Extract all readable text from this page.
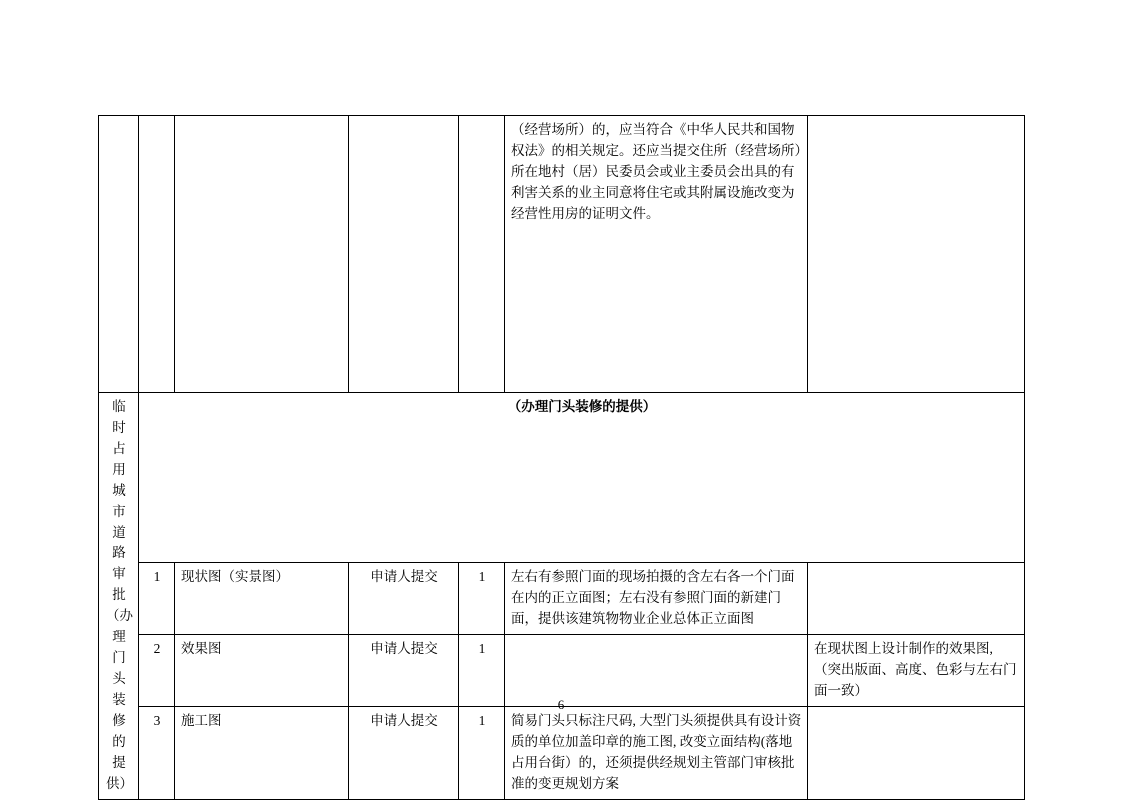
					（经营场所）的，应当符合《中华人民共和国物权法》的相关规定。还应当提交住所（经营场所）所在地村（居）民委员会或业主委员会出具的有利害关系的业主同意将住宅或其附属设施改变为经营性用房的证明文件。	

临时占用城市道路审批（办理门头装修的提供）	（办理门头装修的提供）					
	1	现状图（实景图）	申请人提交	1	左右有参照门面的现场拍摄的含左右各一个门面在内的正立面图；左右没有参照门面的新建门面，提供该建筑物物业企业总体正立面图	
	2	效果图	申请人提交	1		在现状图上设计制作的效果图,（突出版面、高度、色彩与左右门面一致）
	3	施工图	申请人提交	1	简易门头只标注尺码, 大型门头须提供具有设计资质的单位加盖印章的施工图, 改变立面结构(落地占用台街）的，还须提供经规划主管部门审核批准的变更规划方案	
6
